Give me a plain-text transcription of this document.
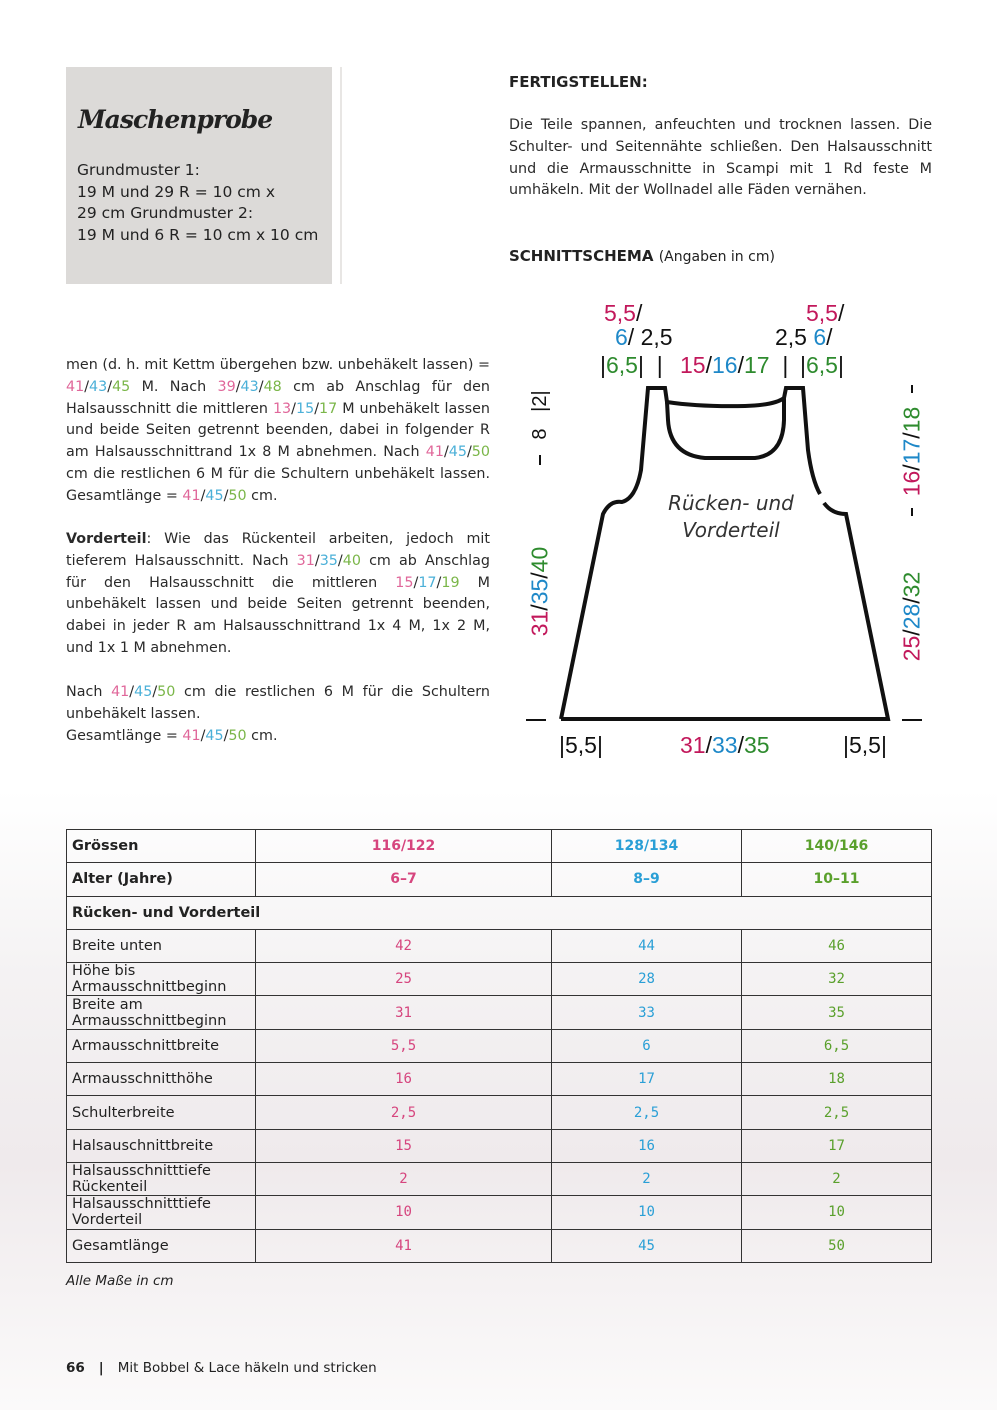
Maschenprobe
Grundmuster 1:
19 M und 29 R = 10 cm x
29 cm Grundmuster 2:
19 M und 6 R = 10 cm x 10 cm
men (d. h. mit Kettm übergehen bzw. unbehäkelt lassen) = 41/43/45 M. Nach 39/43/48 cm ab Anschlag für den Halsausschnitt die mittleren 13/15/17 M unbehäkelt lassen und beide Seiten getrennt beenden, dabei in folgender R am Halsausschnittrand 1x 8 M abnehmen. Nach 41/45/50 cm die restlichen 6 M für die Schultern unbehäkelt lassen. Gesamtlänge = 41/45/50 cm.
Vorderteil: Wie das Rückenteil arbeiten, jedoch mit tieferem Halsausschnitt. Nach 31/35/40 cm ab Anschlag für den Halsausschnitt die mittleren 15/17/19 M unbehäkelt lassen und beide Seiten getrennt beenden, dabei in jeder R am Halsausschnittrand 1x 4 M, 1x 2 M, und 1x 1 M abnehmen.
Nach 41/45/50 cm die restlichen 6 M für die Schultern unbehäkelt lassen.
Gesamtlänge = 41/45/50 cm.
FERTIGSTELLEN:
Die Teile spannen, anfeuchten und trocknen lassen. Die Schulter- und Seitennähte schließen. Den Halsausschnitt und die Armausschnitte in Scampi mit 1 Rd feste M umhäkeln. Mit der Wollnadel alle Fäden vernähen.
SCHNITTSCHEMA (Angaben in cm)
5,5/
6/ 2,5
|6,5|  | 15/16/17  |
5,5/
2,5 6/
|6,5|
8   |2|
31/35/40
16/17/18
25/28/32
|5,5|	31/33/35	|5,5|
Rücken- und
Vorderteil
Grössen	116/122	128/134	140/146
Alter (Jahre)	6–7	8–9	10–11
Rücken- und Vorderteil			
Breite unten	42	44	46
Höhe bis Armausschnittbeginn	25	28	32
Breite am Armausschnittbeginn	31	33	35
Armausschnittbreite	5,5	6	6,5
Armausschnitthöhe	16	17	18
Schulterbreite	2,5	2,5	2,5
Halsauschnittbreite	15	16	17
Halsausschnitttiefe Rückenteil	2	2	2
Halsausschnitttiefe Vorderteil	10	10	10
Gesamtlänge	41	45	50
Alle Maße in cm
66 | Mit Bobbel & Lace häkeln und stricken
